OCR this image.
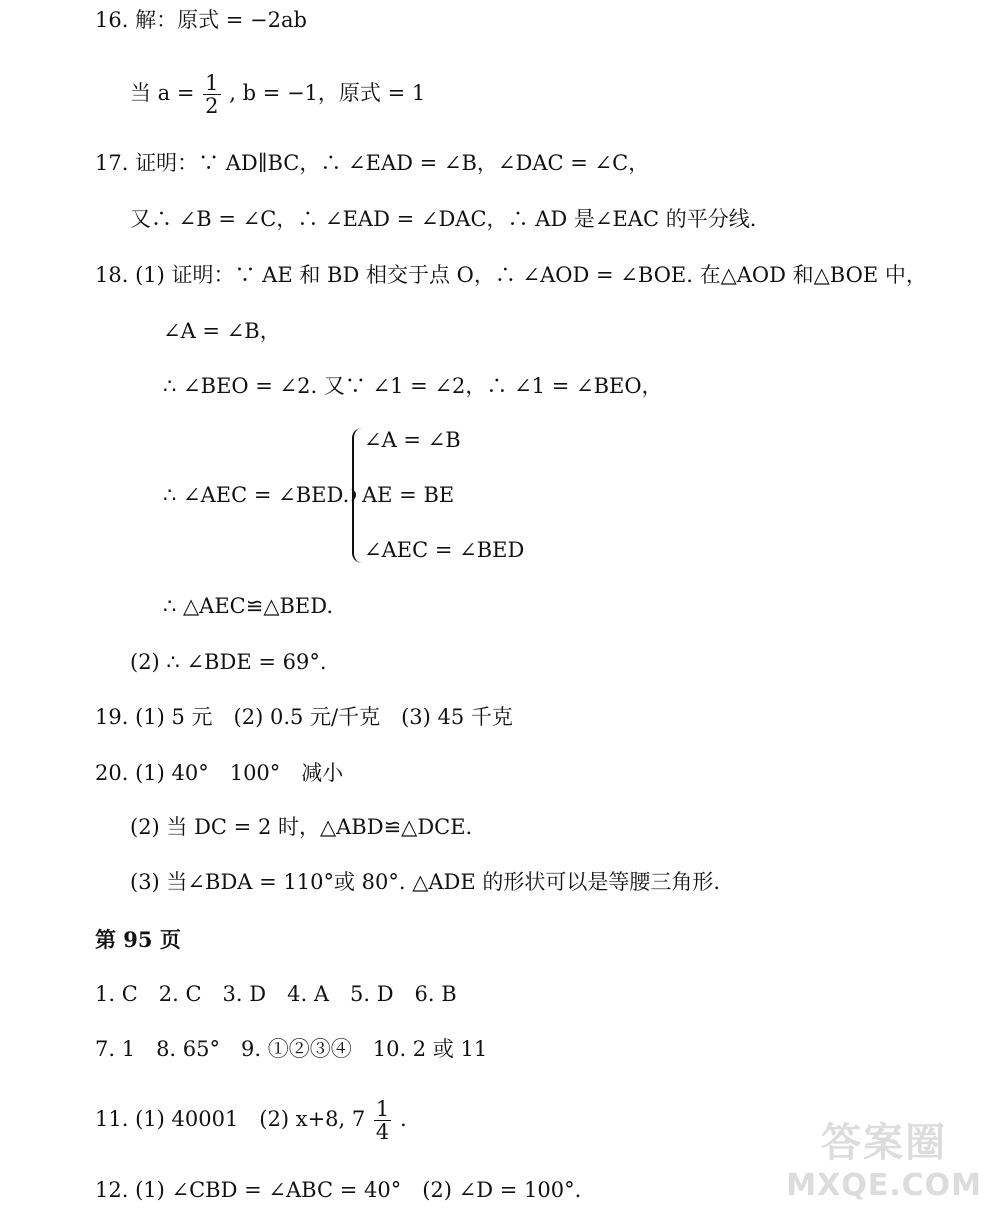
16. 解：原式 = −2ab
当 $a = \frac{1}{2}$ , b = −1，原式 = 1
17. 证明：∵ AD∥BC，∴ ∠EAD = ∠B，∠DAC = ∠C，
又∴ ∠B = ∠C，∴ ∠EAD = ∠DAC，∴ AD 是∠EAC 的平分线.
18. (1) 证明：∵ AE 和 BD 相交于点 O，∴ ∠AOD = ∠BOE. 在△AOD 和△BOE 中，
∠A = ∠B，
∴ ∠BEO = ∠2. 又∵ ∠1 = ∠2，∴ ∠1 = ∠BEO，
∴ ∠AEC = ∠BED.
∠A = ∠B
AE = BE
∠AEC = ∠BED
∴ △AEC≌△BED.
(2) ∴ ∠BDE = 69°.
19. (1) 5 元　(2) 0.5 元/千克　(3) 45 千克
20. (1) 40°　100°　减小
(2) 当 DC = 2 时，△ABD≌△DCE.
(3) 当∠BDA = 110°或 80°. △ADE 的形状可以是等腰三角形.
第 95 页
1. C　2. C　3. D　4. A　5. D　6. B
7. 1　8. 65°　9. ①②③④　10. 2 或 11
11. (1) 40001　(2) x+8, $7 \frac{1}{4}$ .
12. (1) ∠CBD = ∠ABC = 40°　(2) ∠D = 100°.
答案圈
MXQE.COM
